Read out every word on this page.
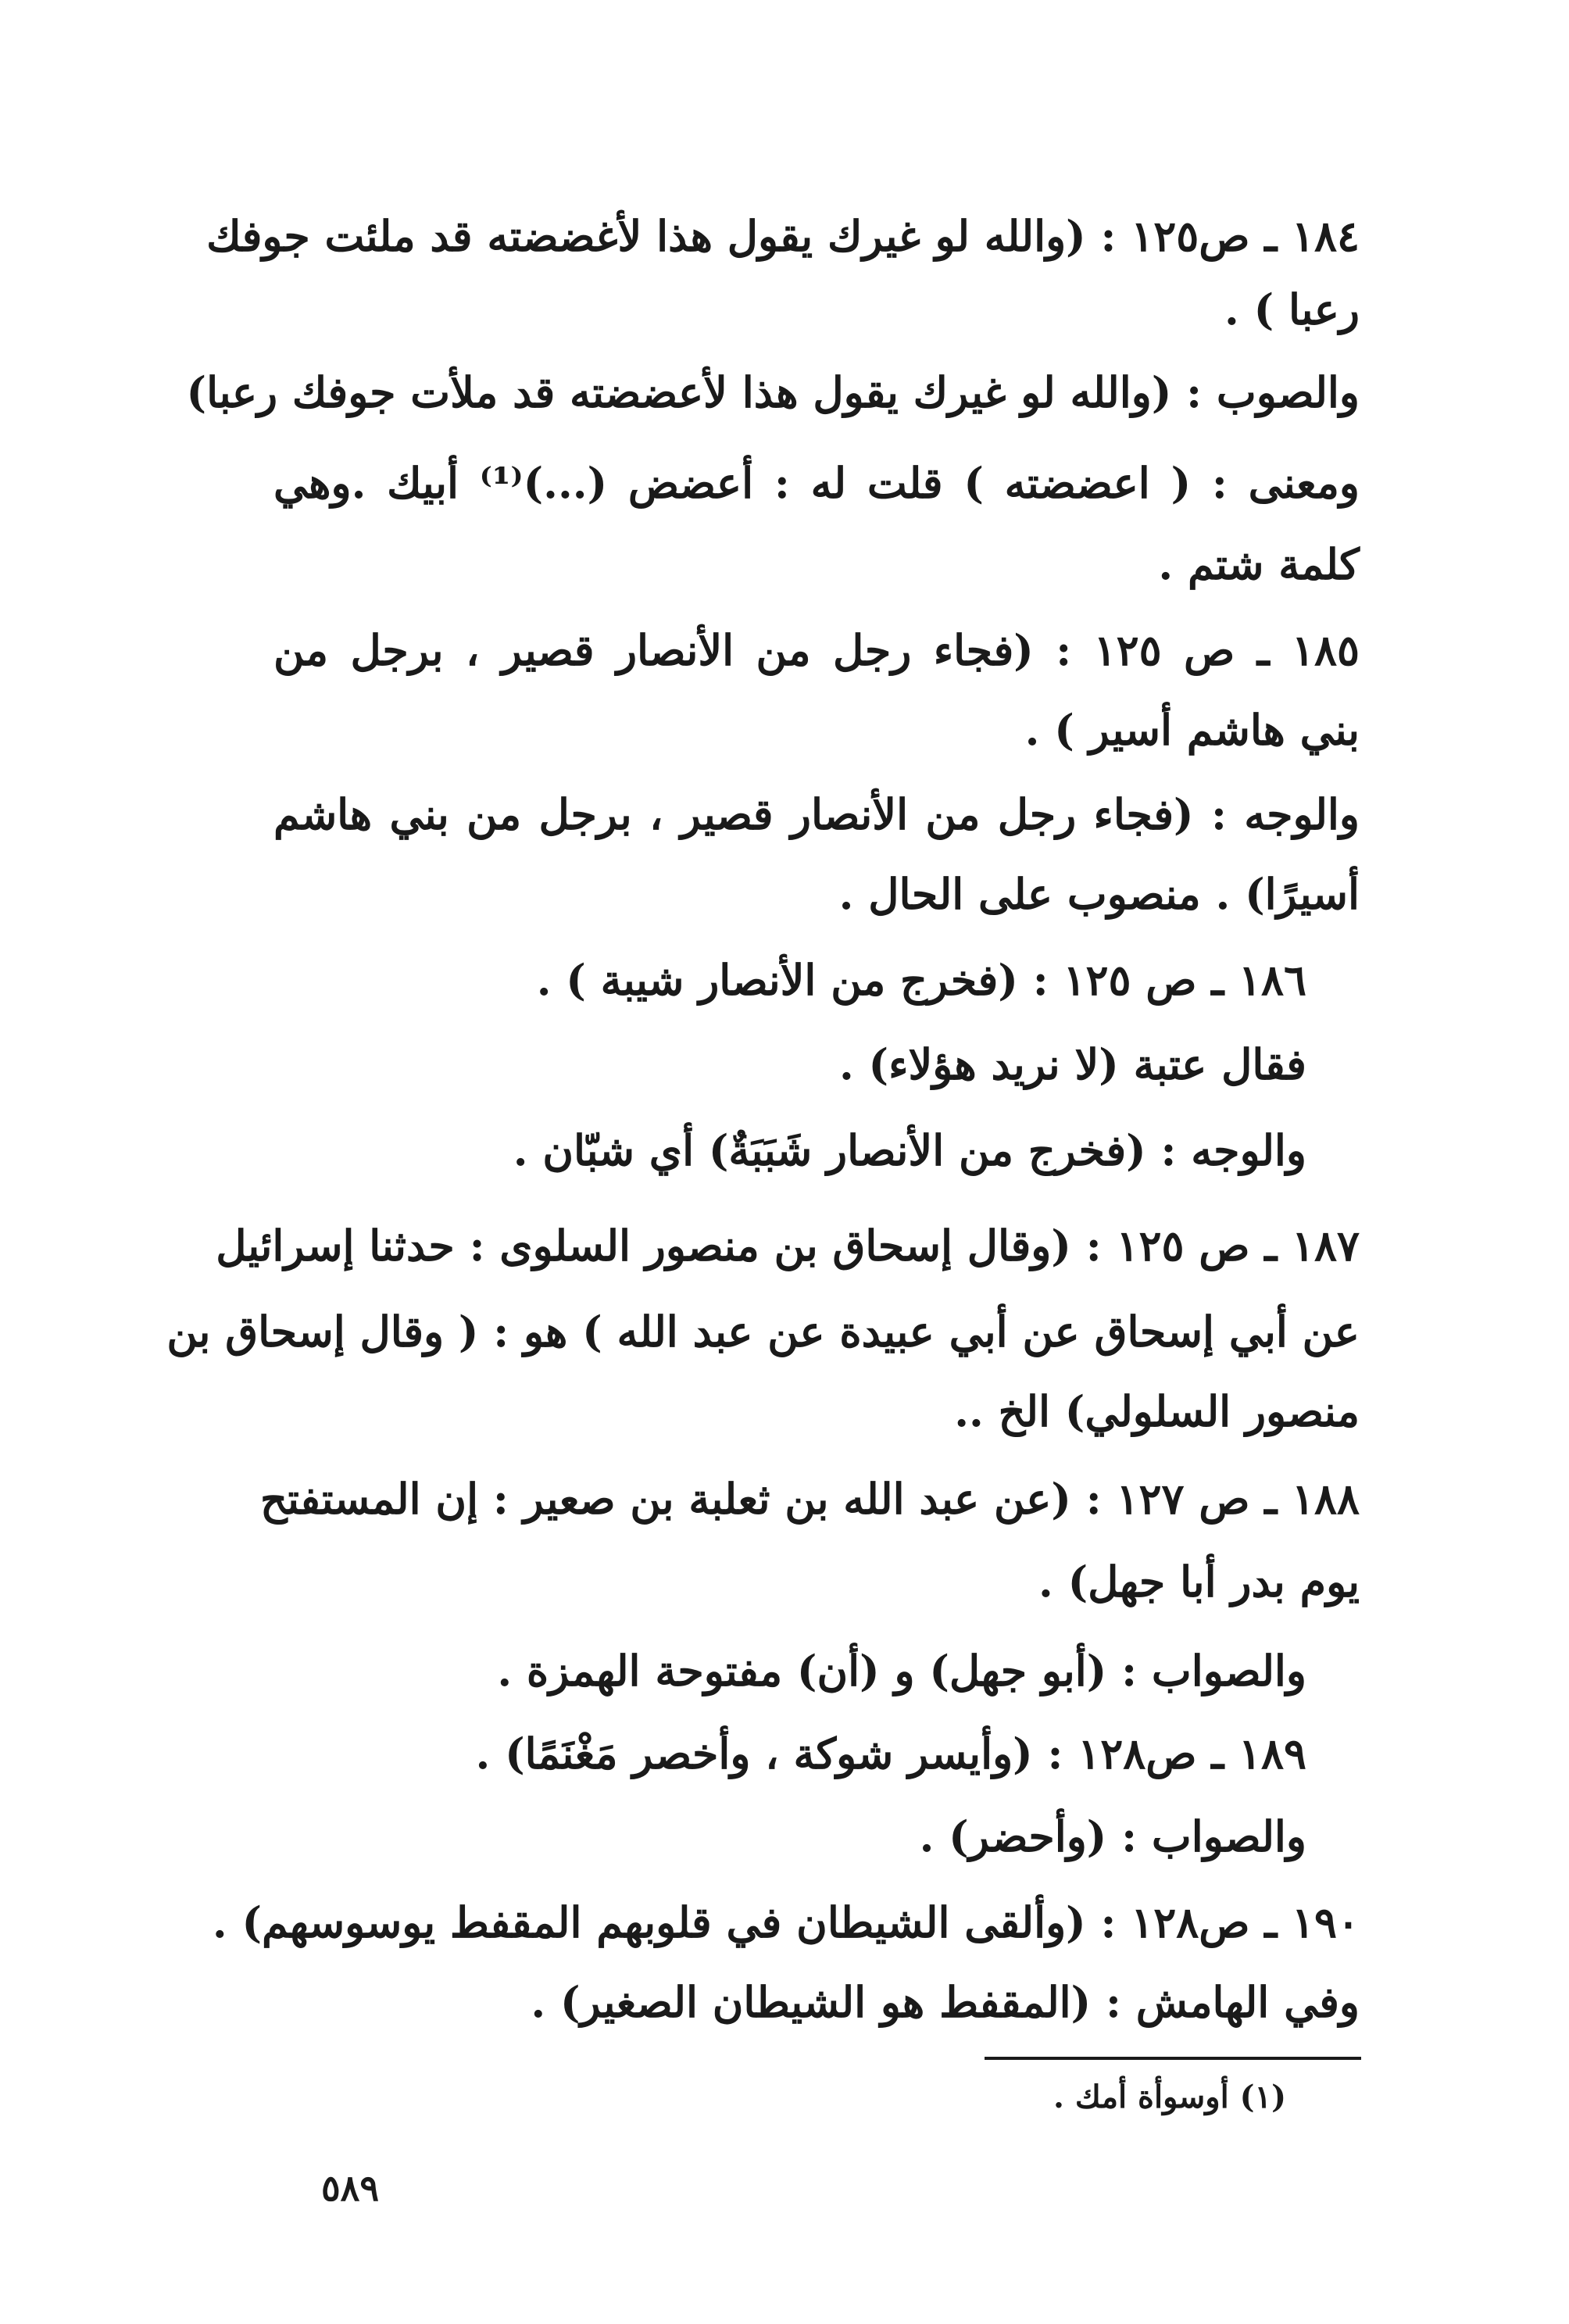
١٨٤ ـ ص١٢٥ : (والله لو غيرك يقول هذا لأغضضته قد ملئت جوفك
رعبا ) .
والصوب : (والله لو غيرك يقول هذا لأعضضته قد ملأت جوفك رعبا)
ومعنى : ( اعضضته ) قلت له : أعضض (...)⁽¹⁾ أبيك .وهي
كلمة شتم .
١٨٥ ـ ص ١٢٥ : (فجاء رجل من الأنصار قصير ، برجل من
بني هاشم أسير ) .
والوجه : (فجاء رجل من الأنصار قصير ، برجل من بني هاشم
أسيرًا) . منصوب على الحال .
١٨٦ ـ ص ١٢٥ : (فخرج من الأنصار شيبة ) .
فقال عتبة (لا نريد هؤلاء) .
والوجه : (فخرج من الأنصار شَبَبَةٌ) أي شبّان .
١٨٧ ـ ص ١٢٥ : (وقال إسحاق بن منصور السلوى : حدثنا إسرائيل
عن أبي إسحاق عن أبي عبيدة عن عبد الله ) هو : ( وقال إسحاق بن
منصور السلولي) الخ ..
١٨٨ ـ ص ١٢٧ : (عن عبد الله بن ثعلبة بن صعير : إن المستفتح
يوم بدر أبا جهل) .
والصواب : (أبو جهل) و (أن) مفتوحة الهمزة .
١٨٩ ـ ص١٢٨ : (وأيسر شوكة ، وأخصر مَغْنَمًا) .
والصواب : (وأحضر) .
١٩٠ ـ ص١٢٨ : (وألقى الشيطان في قلوبهم المقفط يوسوسهم) .
وفي الهامش : (المقفط هو الشيطان الصغير) .
(١) أوسوأة أمك .
٥٨٩
